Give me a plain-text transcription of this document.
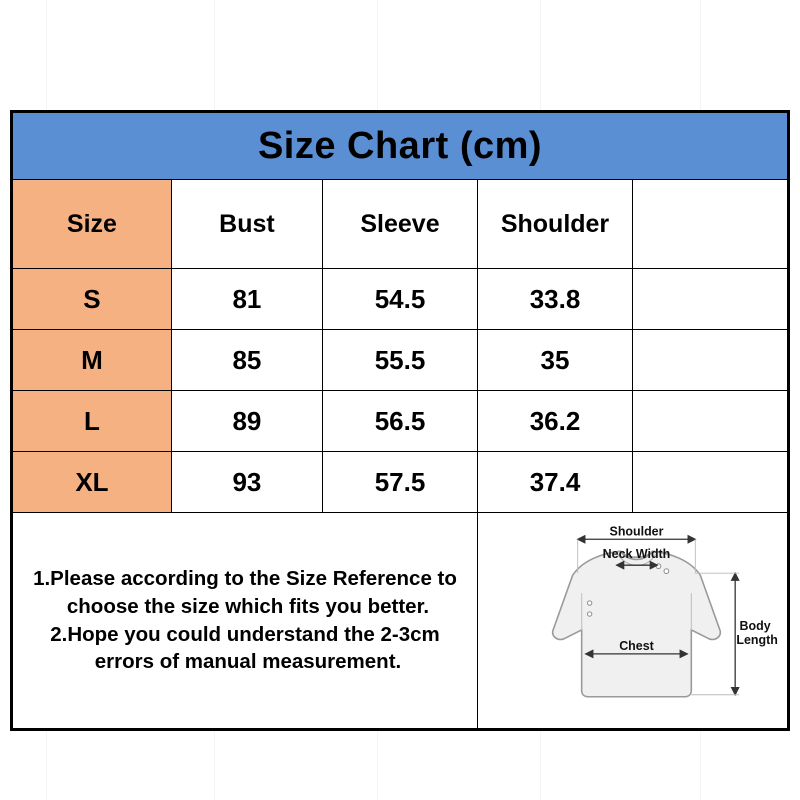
Size Chart (cm)				
Size	Bust	Sleeve	Shoulder	
S	81	54.5	33.8	
M	85	55.5	35	
L	89	56.5	36.2	
XL	93	57.5	37.4	

1.Please according to the Size Reference to
choose the size which fits you better.
2.Hope you could understand the 2-3cm
errors of manual measurement.

Shoulder
Neck Width
Chest
Body
Length
